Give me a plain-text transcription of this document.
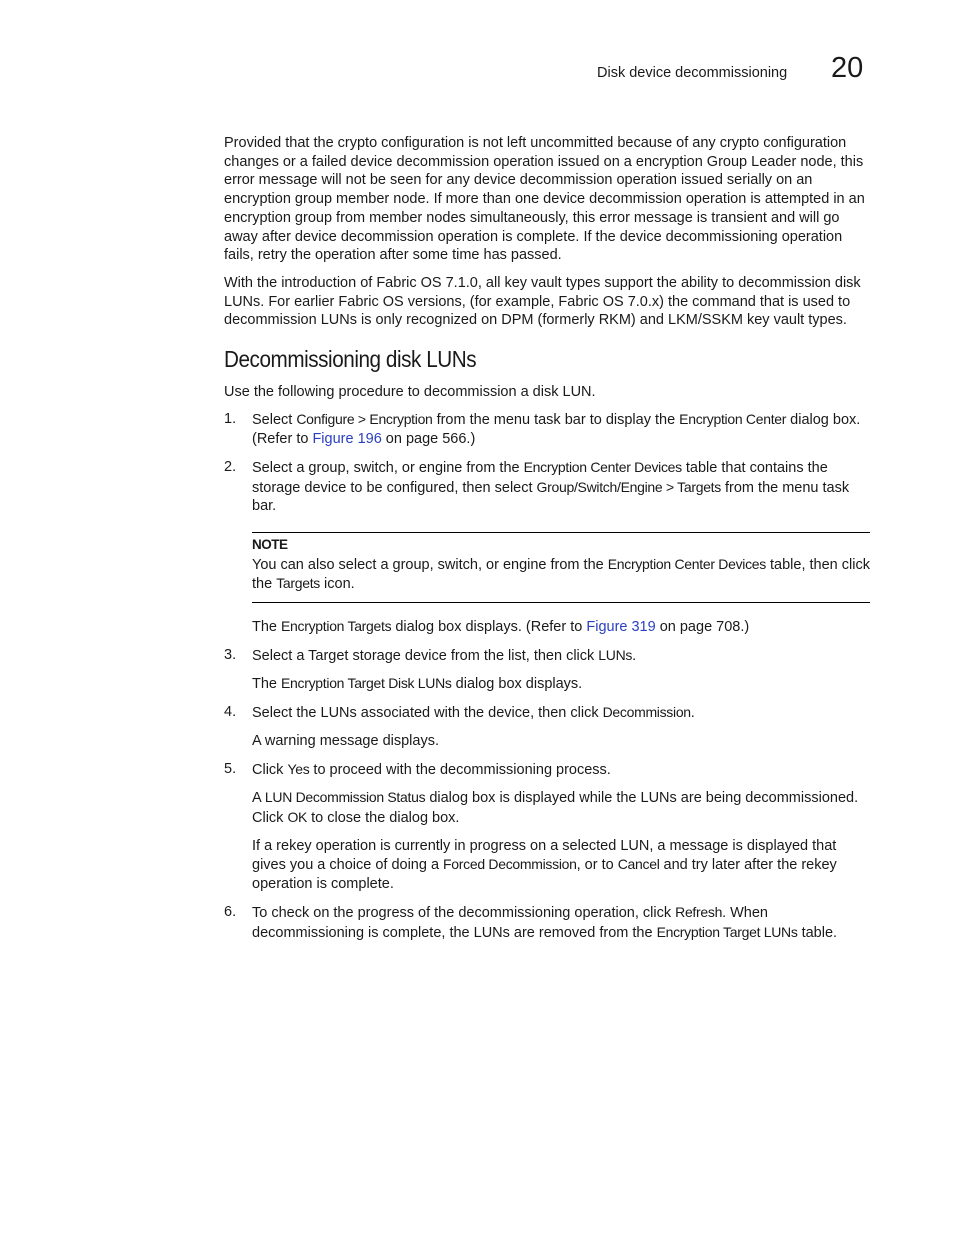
Disk device decommissioning 20

Provided that the crypto configuration is not left uncommitted because of any crypto configuration changes or a failed device decommission operation issued on a encryption Group Leader node, this error message will not be seen for any device decommission operation issued serially on an encryption group member node. If more than one device decommission operation is attempted in an encryption group from member nodes simultaneously, this error message is transient and will go away after device decommission operation is complete. If the device decommissioning operation fails, retry the operation after some time has passed.

With the introduction of Fabric OS 7.1.0, all key vault types support the ability to decommission disk LUNs. For earlier Fabric OS versions, (for example, Fabric OS 7.0.x) the command that is used to decommission LUNs is only recognized on DPM (formerly RKM) and LKM/SSKM key vault types.

Decommissioning disk LUNs

Use the following procedure to decommission a disk LUN.

1. Select Configure > Encryption from the menu task bar to display the Encryption Center dialog box. (Refer to Figure 196 on page 566.)
2. Select a group, switch, or engine from the Encryption Center Devices table that contains the storage device to be configured, then select Group/Switch/Engine > Targets from the menu task bar.
NOTE
You can also select a group, switch, or engine from the Encryption Center Devices table, then click the Targets icon.

The Encryption Targets dialog box displays. (Refer to Figure 319 on page 708.)

3. Select a Target storage device from the list, then click LUNs.

The Encryption Target Disk LUNs dialog box displays.

4. Select the LUNs associated with the device, then click Decommission.

A warning message displays.

5. Click Yes to proceed with the decommissioning process.

A LUN Decommission Status dialog box is displayed while the LUNs are being decommissioned. Click OK to close the dialog box.

If a rekey operation is currently in progress on a selected LUN, a message is displayed that gives you a choice of doing a Forced Decommission, or to Cancel and try later after the rekey operation is complete.

6. To check on the progress of the decommissioning operation, click Refresh. When decommissioning is complete, the LUNs are removed from the Encryption Target LUNs table.
